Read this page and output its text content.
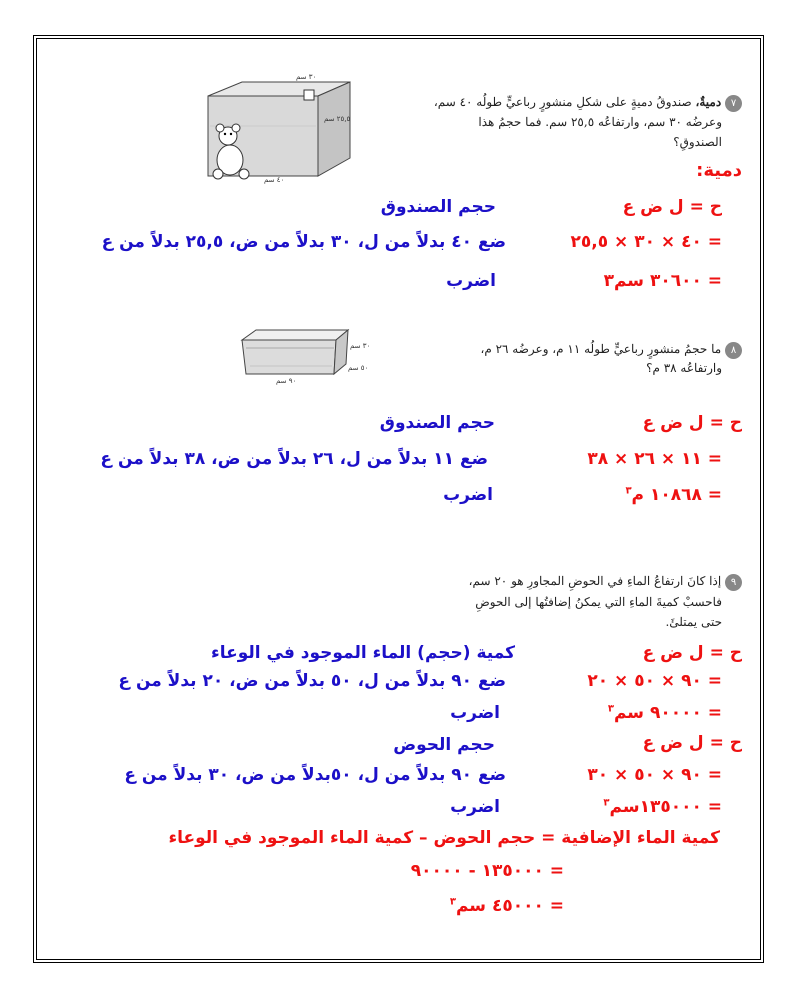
٣٠ سم
٢٥,٥ سم
٤٠ سم
٧ دميةٌ، صندوقُ دميةٍ على شكلِ منشورٍ رباعيٍّ طولُه ٤٠ سم،
وعرضُه ٣٠ سم، وارتفاعُه ٢٥,٥ سم. فما حجمُ هذا
الصندوقِ؟
دمية:
ح = ل ض ع
حجم الصندوق
= ٤٠ × ٣٠ × ٢٥,٥
ضع ٤٠ بدلاً من ل، ٣٠ بدلاً من ض، ٢٥,٥ بدلاً من ع
= ٣٠٦٠٠ سم٣
اضرب
٣٠ سم
٥٠ سم
٩٠ سم
٨ ما حجمُ منشورٍ رباعيٍّ طولُه ١١ م، وعرضُه ٢٦ م،
وارتفاعُه ٣٨ م؟
ح = ل ض ع
حجم الصندوق
= ١١ × ٢٦ × ٣٨
ضع ١١ بدلاً من ل، ٢٦ بدلاً من ض، ٣٨ بدلاً من ع
= ١٠٨٦٨ م$^٣$
اضرب
٩ إذا كانَ ارتفاعُ الماءِ في الحوضِ المجاورِ هو ٢٠ سم،
فاحسبْ كميةَ الماءِ التي يمكنُ إضافتُها إلى الحوضِ
حتى يمتلئَ.
ح = ل ض ع
كمية (حجم) الماء الموجود في الوعاء
= ٩٠ × ٥٠ × ٢٠
ضع ٩٠ بدلاً من ل، ٥٠ بدلاً من ض، ٢٠ بدلاً من ع
= ٩٠٠٠٠ سم$^٣$
اضرب
ح = ل ض ع
حجم الحوض
= ٩٠ × ٥٠ × ٣٠
ضع ٩٠ بدلاً من ل، ٥٠بدلاً من ض، ٣٠ بدلاً من ع
= ١٣٥٠٠٠سم$^٣$
اضرب
كمية الماء الإضافية = حجم الحوض – كمية الماء الموجود في الوعاء
= ١٣٥٠٠٠ - ٩٠٠٠٠
= ٤٥٠٠٠ سم$^٣$
